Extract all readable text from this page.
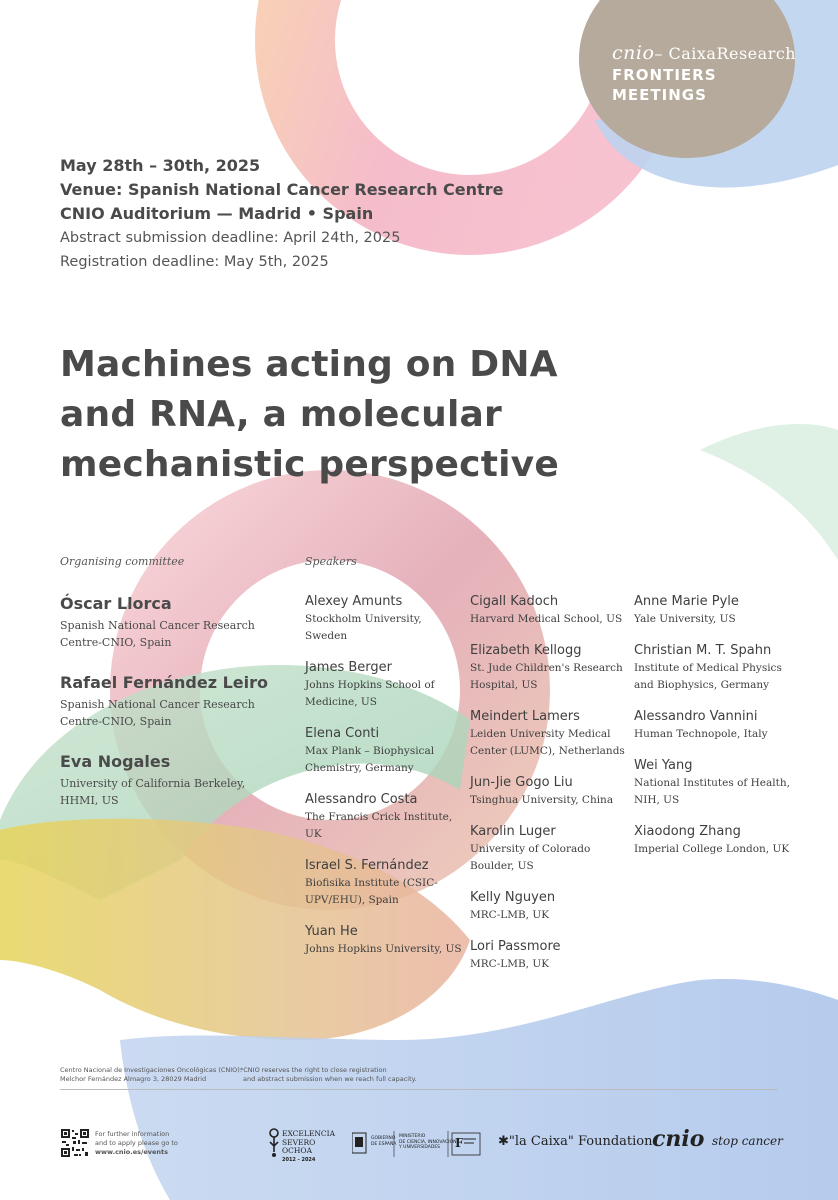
cnio– CaixaResearch
FRONTIERS
MEETINGS
May 28th – 30th, 2025
Venue: Spanish National Cancer Research Centre
CNIO Auditorium — Madrid • Spain
Abstract submission deadline: April 24th, 2025
Registration deadline: May 5th, 2025
Machines acting on DNA and RNA, a molecular mechanistic perspective
Organising committee
Óscar Llorca
Spanish National Cancer Research Centre-CNIO, Spain
Rafael Fernández Leiro
Spanish National Cancer Research Centre-CNIO, Spain
Eva Nogales
University of California Berkeley, HHMI, US
Speakers
Alexey Amunts
Stockholm University, Sweden
James Berger
Johns Hopkins School of Medicine, US
Elena Conti
Max Plank – Biophysical Chemistry, Germany
Alessandro Costa
The Francis Crick Institute, UK
Israel S. Fernández
Biofisika Institute (CSIC-UPV/EHU), Spain
Yuan He
Johns Hopkins University, US
Cigall Kadoch
Harvard Medical School, US
Elizabeth Kellogg
St. Jude Children's Research Hospital, US
Meindert Lamers
Leiden University Medical Center (LUMC), Netherlands
Jun-Jie Gogo Liu
Tsinghua University, China
Karolin Luger
University of Colorado Boulder, US
Kelly Nguyen
MRC-LMB, UK
Lori Passmore
MRC-LMB, UK
Anne Marie Pyle
Yale University, US
Christian M. T. Spahn
Institute of Medical Physics and Biophysics, Germany
Alessandro Vannini
Human Technopole, Italy
Wei Yang
National Institutes of Health, NIH, US
Xiaodong Zhang
Imperial College London, UK
Centro Nacional de Investigaciones Oncológicas (CNIO).
Melchor Fernández Almagro 3, 28029 Madrid
*CNIO reserves the right to close registration
and abstract submission when we reach full capacity.
For further information
and to apply please go to
www.cnio.es/events
EXCELENCIA
SEVERO
OCHOA
2012 - 2024
F
GOBIERNO
DE ESPAÑA
MINISTERIO
DE CIENCIA, INNOVACIÓN
Y UNIVERSIDADES	✱"la Caixa" Foundation cnio stop cancer
